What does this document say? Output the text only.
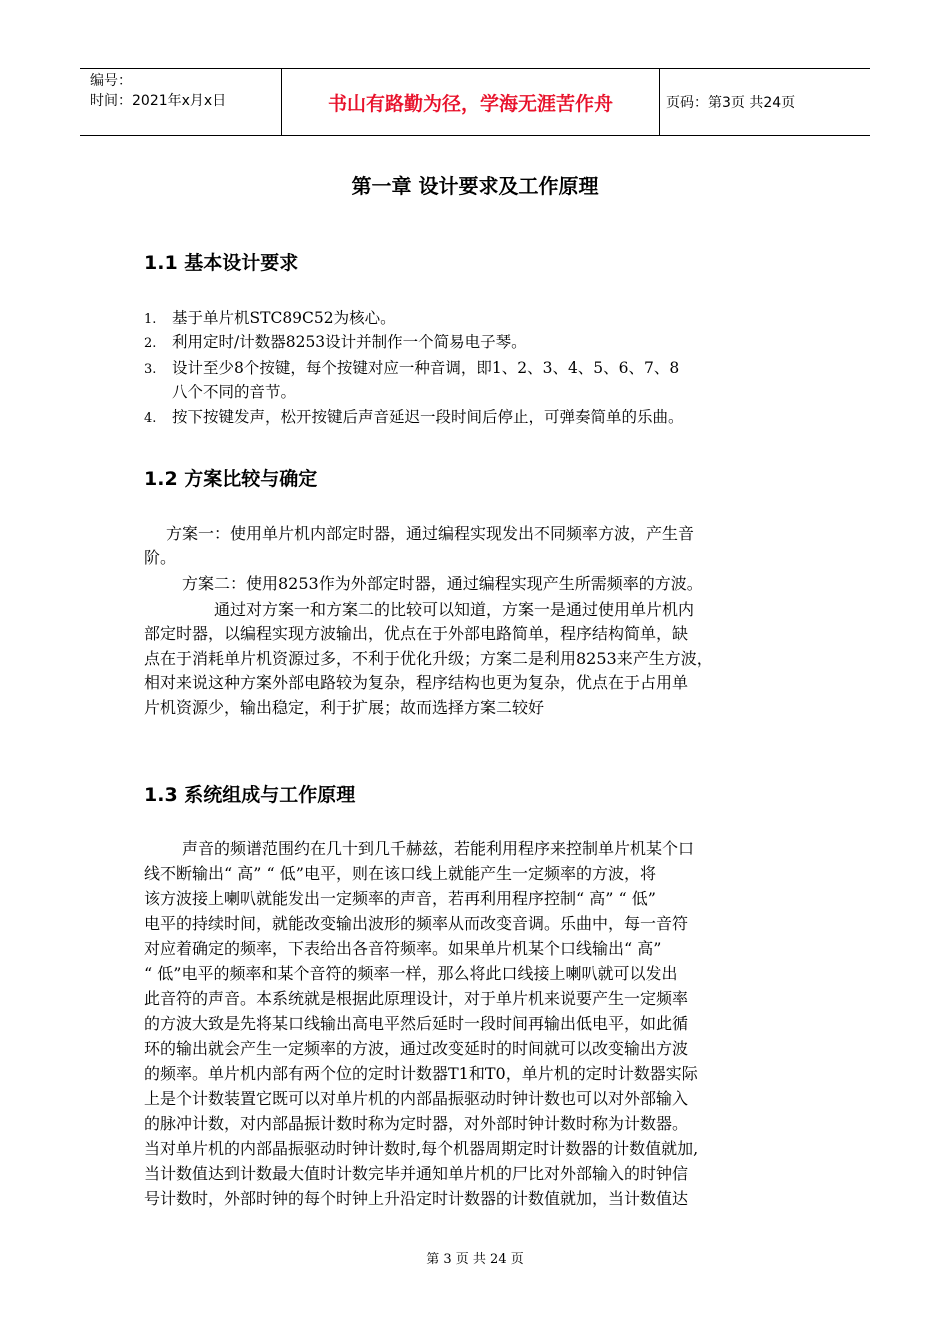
编号：
时间：2021年x月x日	书山有路勤为径，学海无涯苦作舟	页码：第3页 共24页
第一章 设计要求及工作原理
1.1 基本设计要求
1. 基于单片机STC89C52为核心。
2. 利用定时/计数器8253设计并制作一个简易电子琴。
3. 设计至少8个按键，每个按键对应一种音调，即1、2、3、4、5、6、7、8
八个不同的音节。
4. 按下按键发声，松开按键后声音延迟一段时间后停止，可弹奏简单的乐曲。
1.2 方案比较与确定
方案一：使用单片机内部定时器，通过编程实现发出不同频率方波，产生音
阶。
方案二：使用8253作为外部定时器，通过编程实现产生所需频率的方波。
通过对方案一和方案二的比较可以知道，方案一是通过使用单片机内
部定时器，以编程实现方波输出，优点在于外部电路简单，程序结构简单，缺
点在于消耗单片机资源过多，不利于优化升级；方案二是利用8253来产生方波，
相对来说这种方案外部电路较为复杂，程序结构也更为复杂，优点在于占用单
片机资源少，输出稳定，利于扩展；故而选择方案二较好
1.3 系统组成与工作原理
声音的频谱范围约在几十到几千赫兹，若能利用程序来控制单片机某个口
线不断输出“ 高” “ 低”电平，则在该口线上就能产生一定频率的方波，将
该方波接上喇叭就能发出一定频率的声音，若再利用程序控制“ 高” “ 低”
电平的持续时间，就能改变输出波形的频率从而改变音调。乐曲中，每一音符
对应着确定的频率，下表给出各音符频率。如果单片机某个口线输出“ 高”
“ 低”电平的频率和某个音符的频率一样，那么将此口线接上喇叭就可以发出
此音符的声音。本系统就是根据此原理设计，对于单片机来说要产生一定频率
的方波大致是先将某口线输出高电平然后延时一段时间再输出低电平，如此循
环的输出就会产生一定频率的方波，通过改变延时的时间就可以改变输出方波
的频率。单片机内部有两个位的定时计数器T1和T0，单片机的定时计数器实际
上是个计数装置它既可以对单片机的内部晶振驱动时钟计数也可以对外部输入
的脉冲计数，对内部晶振计数时称为定时器，对外部时钟计数时称为计数器。
当对单片机的内部晶振驱动时钟计数时,每个机器周期定时计数器的计数值就加,
当计数值达到计数最大值时计数完毕并通知单片机的尸比对外部输入的时钟信
号计数时，外部时钟的每个时钟上升沿定时计数器的计数值就加，当计数值达
第 3 页 共 24 页
